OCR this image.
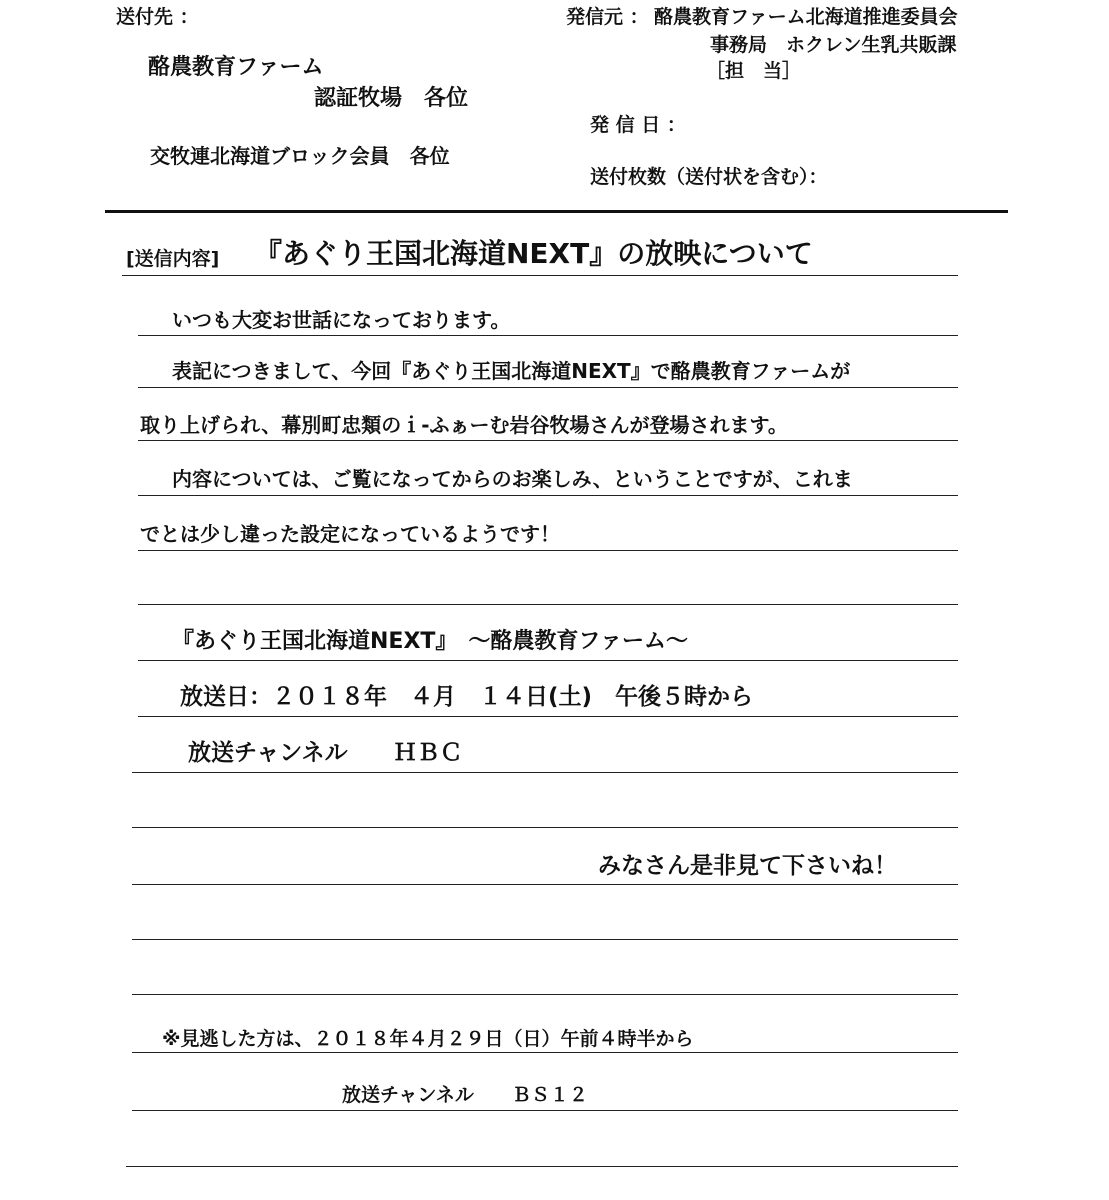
送付先 ：
酪農教育ファーム
認証牧場　各位
交牧連北海道ブロック会員　各位
発信元 ： 酪農教育ファーム北海道推進委員会
事務局　ホクレン生乳共販課
［担　当］
発 信 日 ：
送付枚数（送付状を含む）：
[送信内容] 『あぐり王国北海道NEXT』の放映について
いつも大変お世話になっております。
表記につきまして、今回『あぐり王国北海道NEXT』で酪農教育ファームが
取り上げられ、幕別町忠類のｉ-ふぁーむ岩谷牧場さんが登場されます。
内容については、ご覧になってからのお楽しみ、ということですが、これま
でとは少し違った設定になっているようです！
『あぐり王国北海道NEXT』　～酪農教育ファーム～
放送日：２０１８年　４月　１４日(土)　午後５時から
放送チャンネル　　ＨＢＣ
みなさん是非見て下さいね！
※見逃した方は、２０１８年４月２９日（日）午前４時半から
放送チャンネル　　ＢＳ１２
